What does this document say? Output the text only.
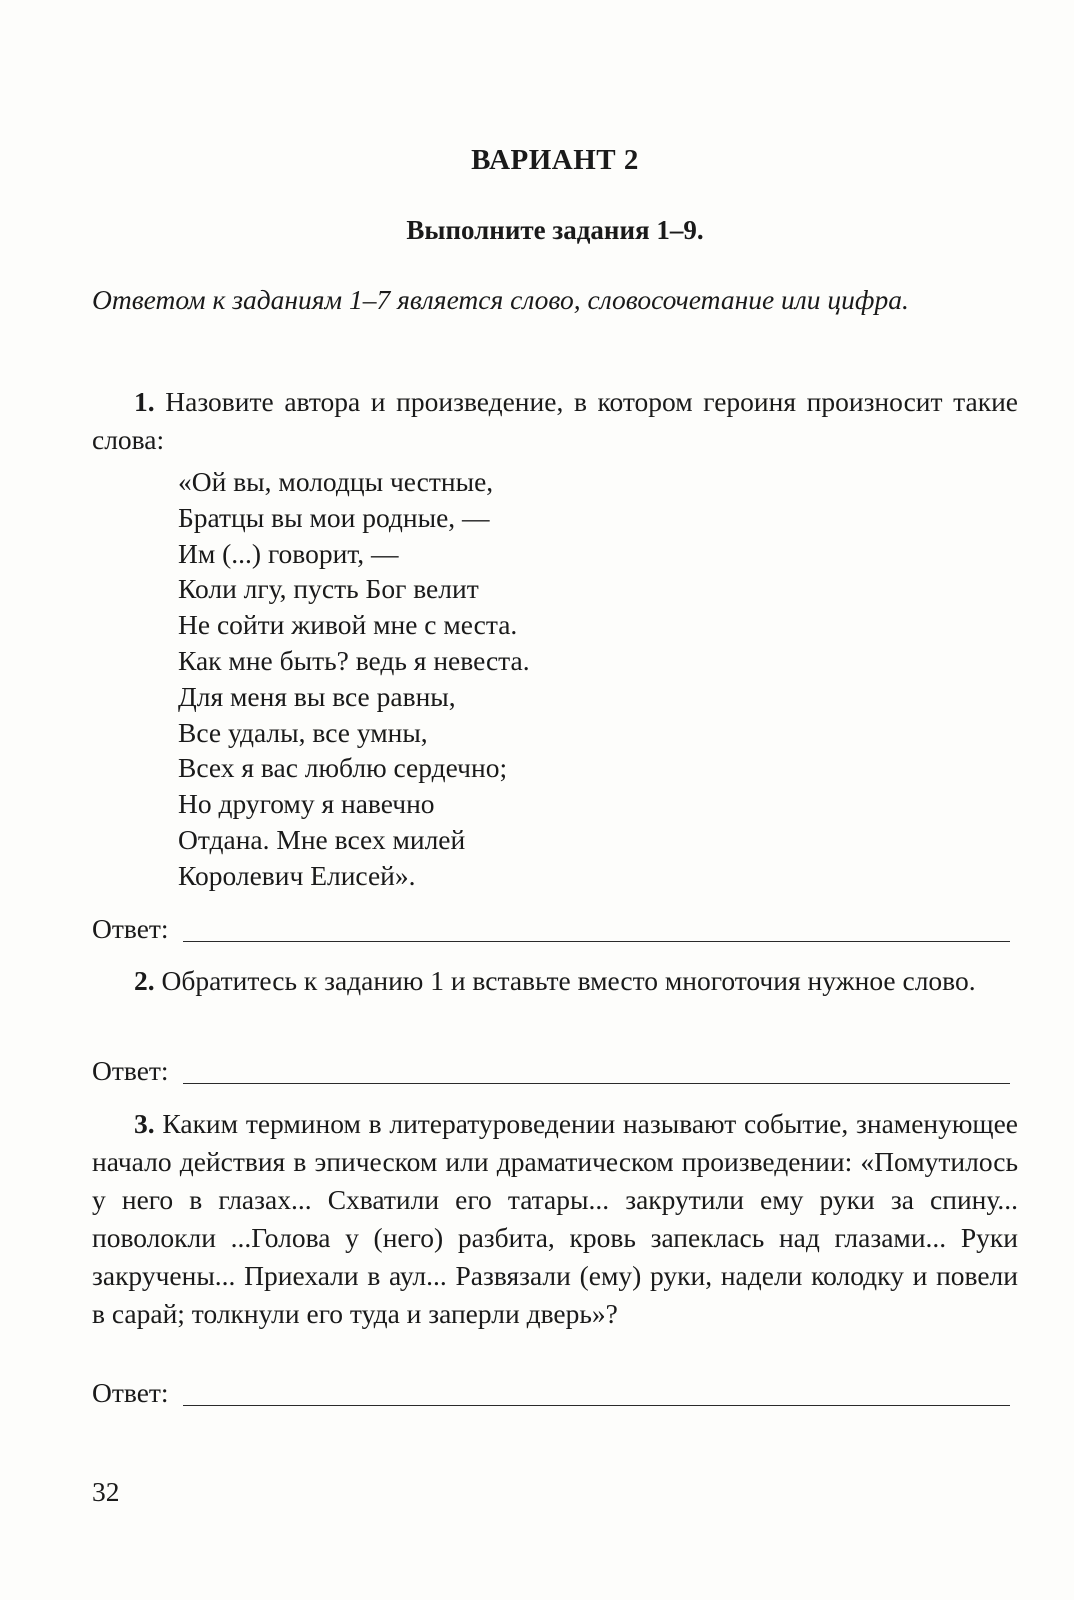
ВАРИАНТ 2
Выполните задания 1–9.

Ответом к заданиям 1–7 является слово, словосочетание или цифра.

1. Назовите автора и произведение, в котором героиня произносит такие слова:

«Ой вы, молодцы честные,
Братцы вы мои родные, —
Им (...) говорит, —
Коли лгу, пусть Бог велит
Не сойти живой мне с места.
Как мне быть? ведь я невеста.
Для меня вы все равны,
Все удалы, все умны,
Всех я вас люблю сердечно;
Но другому я навечно
Отдана. Мне всех милей
Королевич Елисей».
Ответ:

2. Обратитесь к заданию 1 и вставьте вместо многоточия нужное слово.

Ответ:

3. Каким термином в литературоведении называют событие, знаменующее начало действия в эпическом или драматическом произведении: «Помутилось у него в глазах... Схватили его татары... закрутили ему руки за спину... поволокли ...Голова у (него) разбита, кровь запеклась над глазами... Руки закручены... Приехали в аул... Развязали (ему) руки, надели колодку и повели в сарай; толкнули его туда и заперли дверь»?

Ответ:

32
